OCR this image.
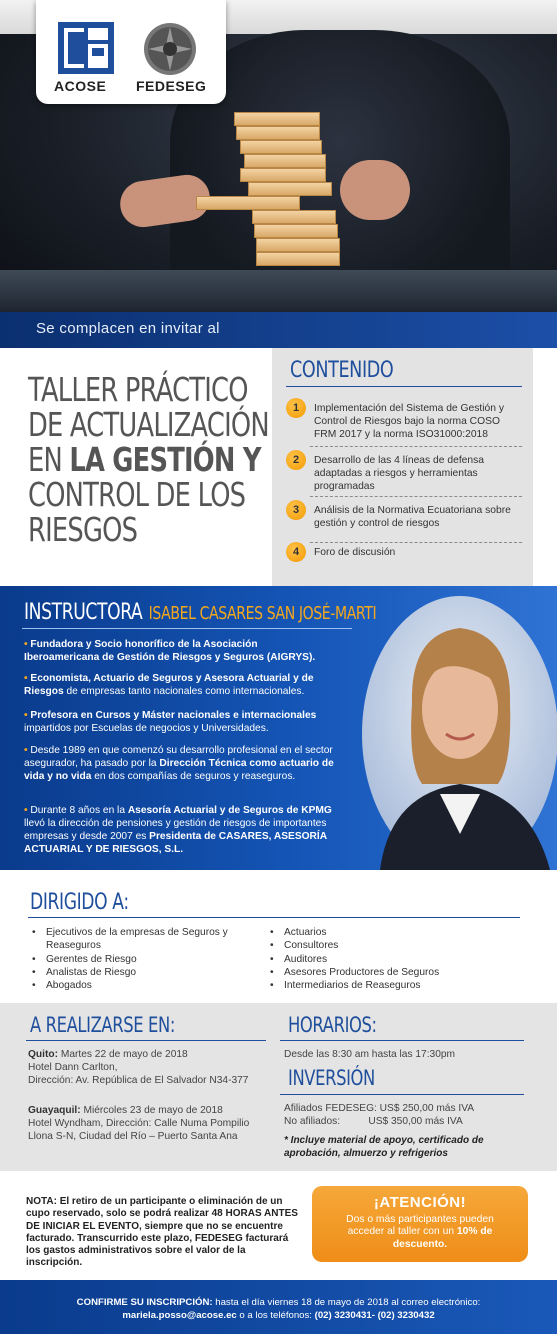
ACOSE FEDESEG
Se complacen en invitar al
TALLER PRÁCTICO
DE ACTUALIZACIÓN
EN LA GESTIÓN Y
CONTROL DE LOS
RIESGOS
CONTENIDO
1	Implementación del Sistema de Gestión y Control de Riesgos bajo la norma COSO FRM 2017 y la norma ISO31000:2018
2	Desarrollo de las 4 líneas de defensa adaptadas a riesgos y herramientas programadas
3	Análisis de la Normativa Ecuatoriana sobre gestión y control de riesgos
4	Foro de discusión
INSTRUCTORA ISABEL CASARES SAN JOSÉ-MARTI
• Fundadora y Socio honorífico de la Asociación Iberoamericana de Gestión de Riesgos y Seguros (AIGRYS).
• Economista, Actuario de Seguros y Asesora Actuarial y de Riesgos de empresas tanto nacionales como internacionales.
• Profesora en Cursos y Máster nacionales e internacionales impartidos por Escuelas de negocios y Universidades.
• Desde 1989 en que comenzó su desarrollo profesional en el sector asegurador, ha pasado por la Dirección Técnica como actuario de vida y no vida en dos compañías de seguros y reaseguros.
• Durante 8 años en la Asesoría Actuarial y de Seguros de KPMG llevó la dirección de pensiones y gestión de riesgos de importantes empresas y desde 2007 es Presidenta de CASARES, ASESORÍA ACTUARIAL Y DE RIESGOS, S.L.
DIRIGIDO A:
• Ejecutivos de la empresas de Seguros y Reaseguros
• Gerentes de Riesgo
• Analistas de Riesgo
• Abogados
• Actuarios
• Consultores
• Auditores
• Asesores Productores de Seguros
• Intermediarios de Reaseguros
A REALIZARSE EN:
Quito: Martes 22 de mayo de 2018
Hotel Dann Carlton,
Dirección: Av. República de El Salvador N34-377
Guayaquil: Miércoles 23 de mayo de 2018
Hotel Wyndham, Dirección: Calle Numa Pompilio Llona S-N, Ciudad del Río – Puerto Santa Ana
HORARIOS:
Desde las 8:30 am hasta las 17:30pm
INVERSIÓN
Afiliados FEDESEG: US$ 250,00 más IVA
No afiliados:          US$ 350,00 más IVA
* Incluye material de apoyo, certificado de aprobación, almuerzo y refrigerios
NOTA: El retiro de un participante o eliminación de un cupo reservado, solo se podrá realizar 48 HORAS ANTES DE INICIAR EL EVENTO, siempre que no se encuentre facturado. Transcurrido este plazo, FEDESEG facturará los gastos administrativos sobre el valor de la inscripción.
¡ATENCIÓN!
Dos o más participantes pueden acceder al taller con un 10% de descuento.
CONFIRME SU INSCRIPCIÓN: hasta el día viernes 18 de mayo de 2018 al correo electrónico:
mariela.posso@acose.ec o a los teléfonos: (02) 3230431- (02) 3230432
